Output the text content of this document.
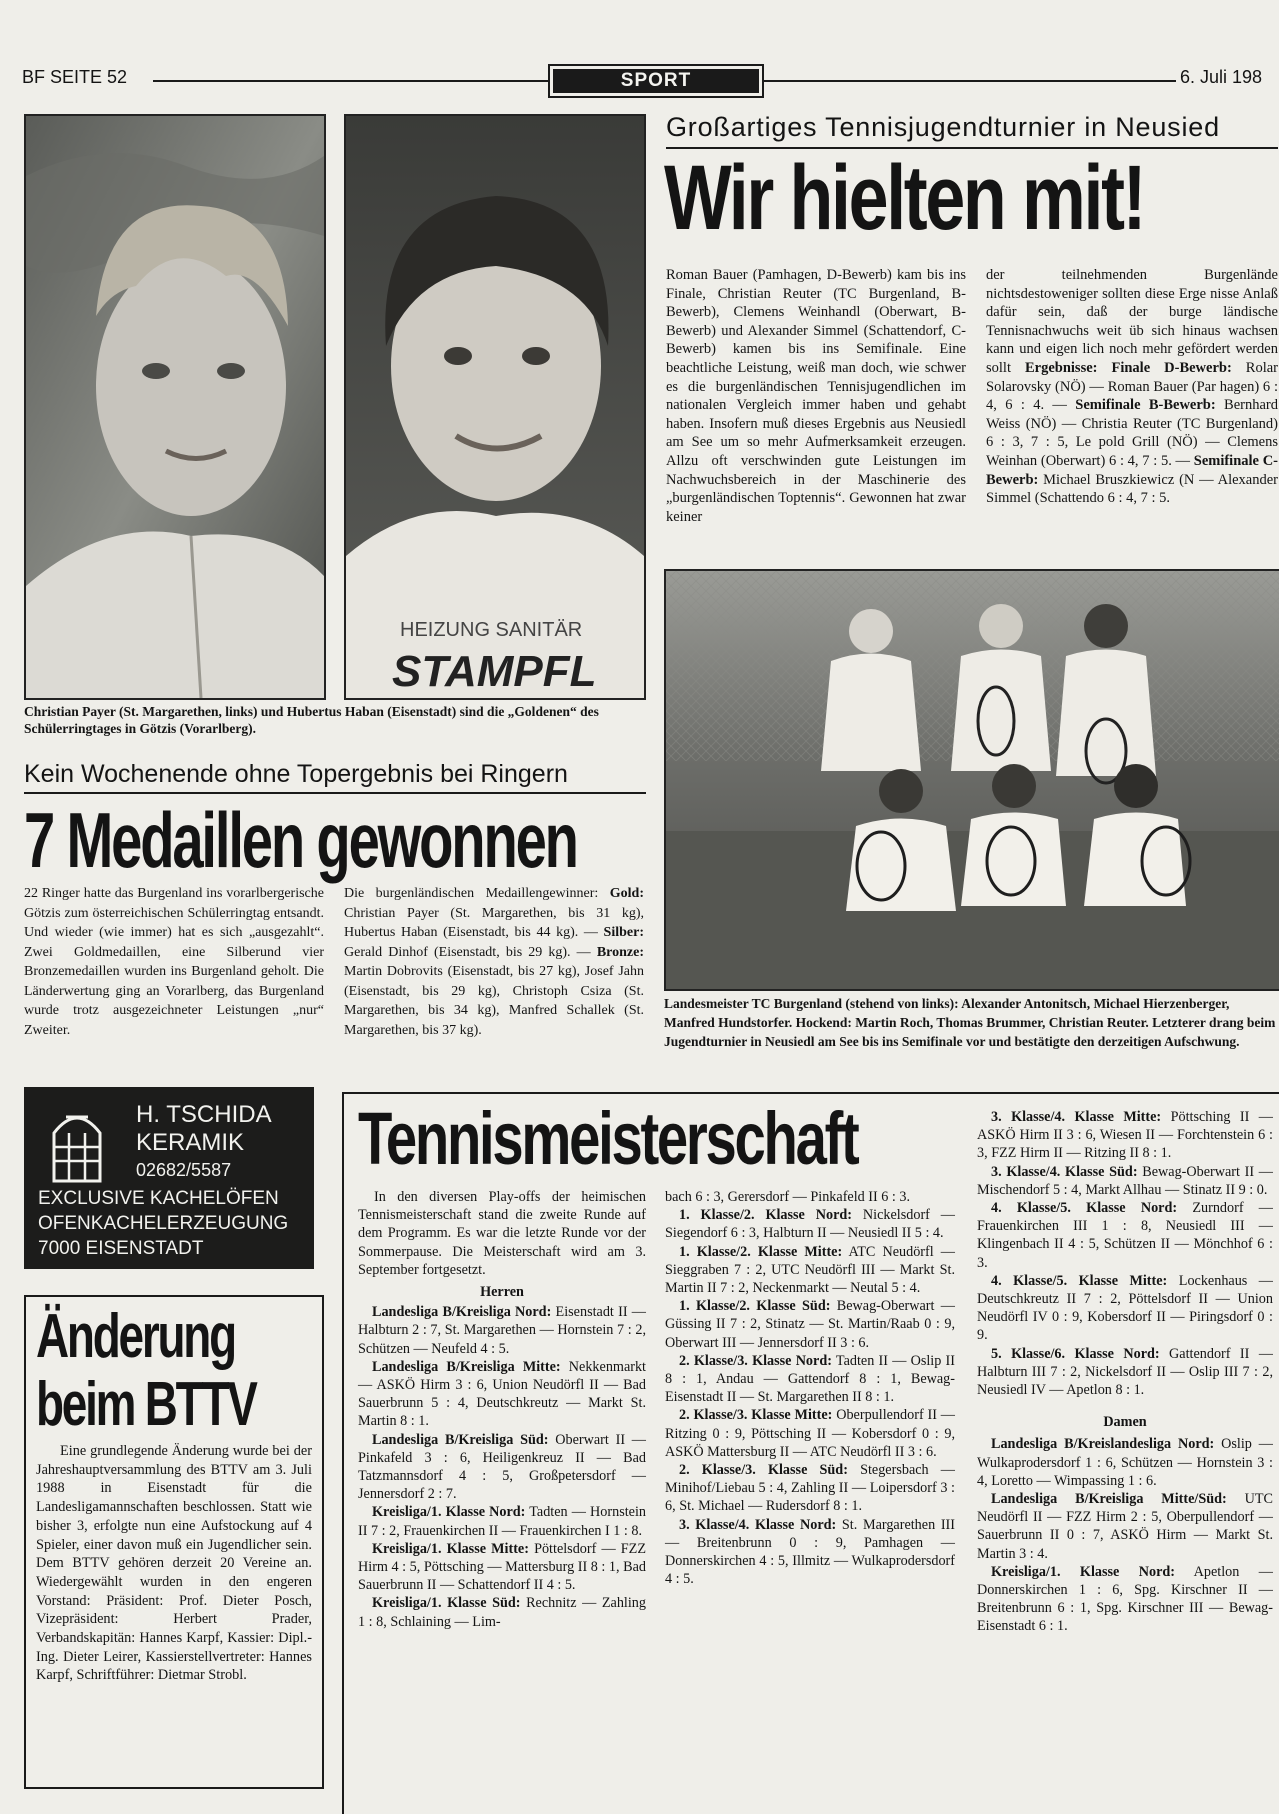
BF SEITE 52	SPORT	6. Juli 198
HEIZUNG SANITÄR
STAMPFL
Christian Payer (St. Margarethen, links) und Hubertus Haban (Eisenstadt) sind die „Goldenen“ des Schülerringtages in Götzis (Vorarlberg).
Großartiges Tennisjugendturnier in Neusied
Wir hielten mit!
Roman Bauer (Pamhagen, D-Bewerb) kam bis ins Finale, Christian Reuter (TC Burgenland, B-Bewerb), Clemens Weinhandl (Oberwart, B-Bewerb) und Alexander Simmel (Schattendorf, C-Bewerb) kamen bis ins Semifinale. Eine beachtliche Leistung, weiß man doch, wie schwer es die burgenländischen Tennisjugendlichen im nationalen Vergleich immer haben und gehabt haben. Insofern muß dieses Ergebnis aus Neusiedl am See um so mehr Aufmerksamkeit erzeugen. Allzu oft verschwinden gute Leistungen im Nachwuchsbereich in der Maschinerie des „burgenländischen Toptennis“. Gewonnen hat zwar keiner
der teilnehmenden Burgenlände nichtsdestoweniger sollten diese Erge nisse Anlaß dafür sein, daß der burge ländische Tennisnachwuchs weit üb sich hinaus wachsen kann und eigen lich noch mehr gefördert werden sollt Ergebnisse: Finale D-Bewerb: Rolar Solarovsky (NÖ) — Roman Bauer (Par hagen) 6 : 4, 6 : 4. — Semifinale B-Bewerb: Bernhard Weiss (NÖ) — Christia Reuter (TC Burgenland) 6 : 3, 7 : 5, Le pold Grill (NÖ) — Clemens Weinhan (Oberwart) 6 : 4, 7 : 5. — Semifinale C-Bewerb: Michael Bruszkiewicz (N — Alexander Simmel (Schattendo 6 : 4, 7 : 5.
Landesmeister TC Burgenland (stehend von links): Alexander Antonitsch, Michael Hierzenberger, Manfred Hundstorfer. Hockend: Martin Roch, Thomas Brummer, Christian Reuter. Letzterer drang beim Jugendturnier in Neusiedl am See bis ins Semifinale vor und bestätigte den derzeitigen Aufschwung.
Kein Wochenende ohne Topergebnis bei Ringern
7 Medaillen gewonnen
22 Ringer hatte das Burgenland ins vorarlbergerische Götzis zum österreichischen Schülerringtag entsandt. Und wieder (wie immer) hat es sich „ausgezahlt“. Zwei Goldmedaillen, eine Silberund vier Bronzemedaillen wurden ins Burgenland geholt. Die Länderwertung ging an Vorarlberg, das Burgenland wurde trotz ausgezeichneter Leistungen „nur“ Zweiter.
Die burgenländischen Medaillengewinner: Gold: Christian Payer (St. Margarethen, bis 31 kg), Hubertus Haban (Eisenstadt, bis 44 kg). — Silber: Gerald Dinhof (Eisenstadt, bis 29 kg). — Bronze: Martin Dobrovits (Eisenstadt, bis 27 kg), Josef Jahn (Eisenstadt, bis 29 kg), Christoph Csiza (St. Margarethen, bis 34 kg), Manfred Schallek (St. Margarethen, bis 37 kg).
H. TSCHIDA
KERAMIK
02682/5587
EXCLUSIVE KACHELÖFEN
OFENKACHELERZEUGUNG
7000 EISENSTADT
Änderung
beim BTTV
Eine grundlegende Änderung wurde bei der Jahreshauptversammlung des BTTV am 3. Juli 1988 in Eisenstadt für die Landesligamannschaften beschlossen. Statt wie bisher 3, erfolgte nun eine Aufstockung auf 4 Spieler, einer davon muß ein Jugendlicher sein. Dem BTTV gehören derzeit 20 Vereine an. Wiedergewählt wurden in den engeren Vorstand: Präsident: Prof. Dieter Posch, Vizepräsident: Herbert Prader, Verbandskapitän: Hannes Karpf, Kassier: Dipl.-Ing. Dieter Leirer, Kassierstellvertreter: Hannes Karpf, Schriftführer: Dietmar Strobl.
Tennismeisterschaft

In den diversen Play-offs der heimischen Tennismeisterschaft stand die zweite Runde auf dem Programm. Es war die letzte Runde vor der Sommerpause. Die Meisterschaft wird am 3. September fortgesetzt.

Herren

Landesliga B/Kreisliga Nord: Eisenstadt II — Halbturn 2 : 7, St. Margarethen — Hornstein 7 : 2, Schützen — Neufeld 4 : 5.

Landesliga B/Kreisliga Mitte: Nekkenmarkt — ASKÖ Hirm 3 : 6, Union Neudörfl II — Bad Sauerbrunn 5 : 4, Deutschkreutz — Markt St. Martin 8 : 1.

Landesliga B/Kreisliga Süd: Oberwart II — Pinkafeld 3 : 6, Heiligenkreuz II — Bad Tatzmannsdorf 4 : 5, Großpetersdorf — Jennersdorf 2 : 7.

Kreisliga/1. Klasse Nord: Tadten — Hornstein II 7 : 2, Frauenkirchen II — Frauenkirchen I 1 : 8.

Kreisliga/1. Klasse Mitte: Pöttelsdorf — FZZ Hirm 4 : 5, Pöttsching — Mattersburg II 8 : 1, Bad Sauerbrunn II — Schattendorf II 4 : 5.

Kreisliga/1. Klasse Süd: Rechnitz — Zahling 1 : 8, Schlaining — Lim-

bach 6 : 3, Gerersdorf — Pinkafeld II 6 : 3.

1. Klasse/2. Klasse Nord: Nickelsdorf — Siegendorf 6 : 3, Halbturn II — Neusiedl II 5 : 4.

1. Klasse/2. Klasse Mitte: ATC Neudörfl — Sieggraben 7 : 2, UTC Neudörfl III — Markt St. Martin II 7 : 2, Neckenmarkt — Neutal 5 : 4.

1. Klasse/2. Klasse Süd: Bewag-Oberwart — Güssing II 7 : 2, Stinatz — St. Martin/Raab 0 : 9, Oberwart III — Jennersdorf II 3 : 6.

2. Klasse/3. Klasse Nord: Tadten II — Oslip II 8 : 1, Andau — Gattendorf 8 : 1, Bewag-Eisenstadt II — St. Margarethen II 8 : 1.

2. Klasse/3. Klasse Mitte: Oberpullendorf II — Ritzing 0 : 9, Pöttsching II — Kobersdorf 0 : 9, ASKÖ Mattersburg II — ATC Neudörfl II 3 : 6.

2. Klasse/3. Klasse Süd: Stegersbach — Minihof/Liebau 5 : 4, Zahling II — Loipersdorf 3 : 6, St. Michael — Rudersdorf 8 : 1.

3. Klasse/4. Klasse Nord: St. Margarethen III — Breitenbrunn 0 : 9, Pamhagen — Donnerskirchen 4 : 5, Illmitz — Wulkaprodersdorf 4 : 5.

3. Klasse/4. Klasse Mitte: Pöttsching II — ASKÖ Hirm II 3 : 6, Wiesen II — Forchtenstein 6 : 3, FZZ Hirm II — Ritzing II 8 : 1.

3. Klasse/4. Klasse Süd: Bewag-Oberwart II — Mischendorf 5 : 4, Markt Allhau — Stinatz II 9 : 0.

4. Klasse/5. Klasse Nord: Zurndorf — Frauenkirchen III 1 : 8, Neusiedl III — Klingenbach II 4 : 5, Schützen II — Mönchhof 6 : 3.

4. Klasse/5. Klasse Mitte: Lockenhaus — Deutschkreutz II 7 : 2, Pöttelsdorf II — Union Neudörfl IV 0 : 9, Kobersdorf II — Piringsdorf 0 : 9.

5. Klasse/6. Klasse Nord: Gattendorf II — Halbturn III 7 : 2, Nickelsdorf II — Oslip III 7 : 2, Neusiedl IV — Apetlon 8 : 1.

Damen

Landesliga B/Kreislandesliga Nord: Oslip — Wulkaprodersdorf 1 : 6, Schützen — Hornstein 3 : 4, Loretto — Wimpassing 1 : 6.

Landesliga B/Kreisliga Mitte/Süd: UTC Neudörfl II — FZZ Hirm 2 : 5, Oberpullendorf — Sauerbrunn II 0 : 7, ASKÖ Hirm — Markt St. Martin 3 : 4.

Kreisliga/1. Klasse Nord: Apetlon — Donnerskirchen 1 : 6, Spg. Kirschner II — Breitenbrunn 6 : 1, Spg. Kirschner III — Bewag-Eisenstadt 6 : 1.
